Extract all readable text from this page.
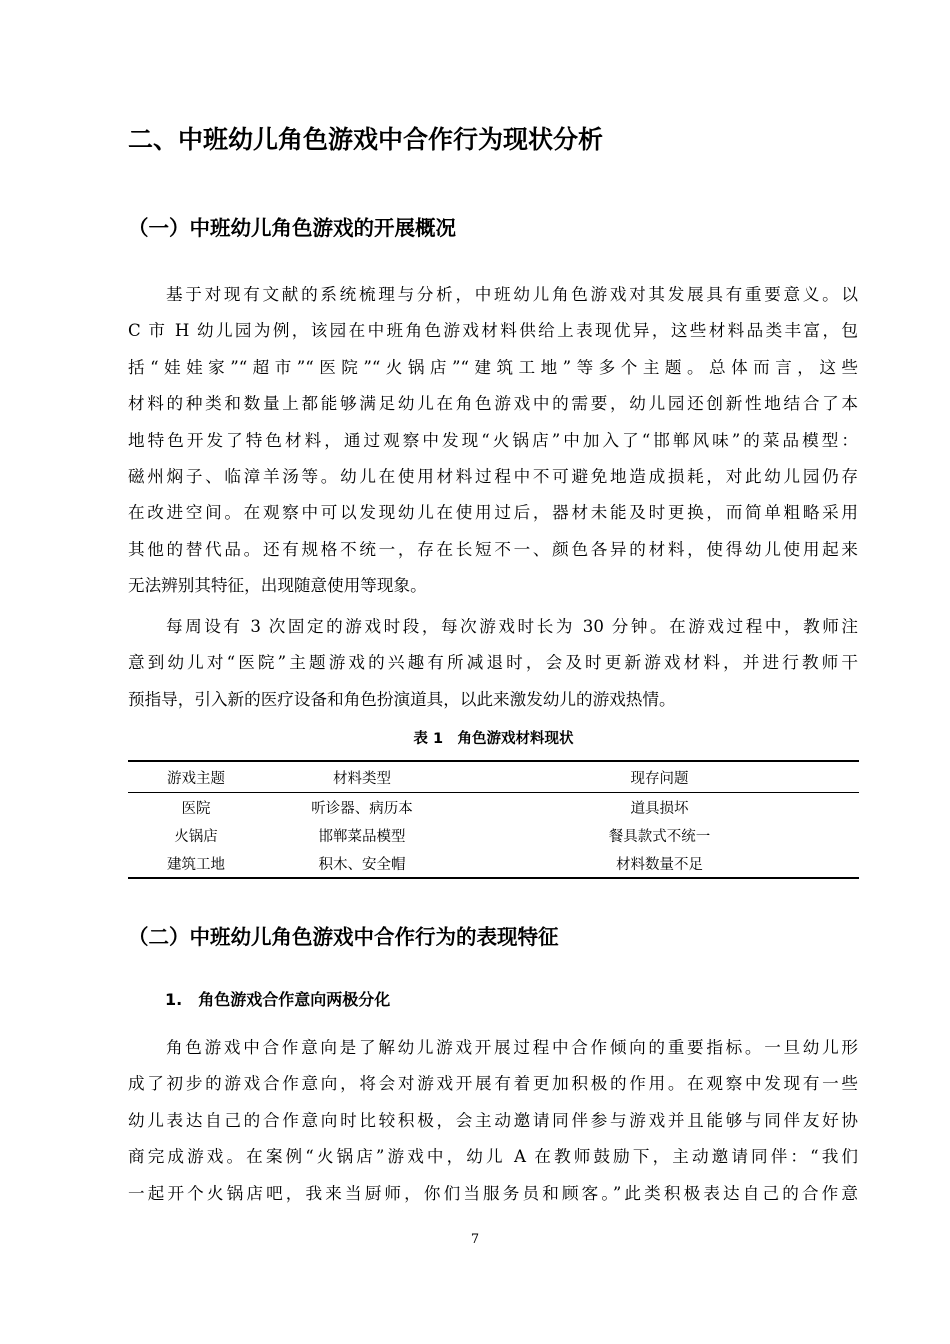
二、中班幼儿角色游戏中合作行为现状分析
（一）中班幼儿角色游戏的开展概况
基于对现有文献的系统梳理与分析，中班幼儿角色游戏对其发展具有重要意义。以
C 市 H 幼儿园为例，该园在中班角色游戏材料供给上表现优异，这些材料品类丰富，包
括“娃娃家”“超市”“医院”“火锅店”“建筑工地”等多个主题。总体而言，这些
材料的种类和数量上都能够满足幼儿在角色游戏中的需要，幼儿园还创新性地结合了本
地特色开发了特色材料，通过观察中发现“火锅店”中加入了“邯郸风味”的菜品模型：
磁州焖子、临漳羊汤等。幼儿在使用材料过程中不可避免地造成损耗，对此幼儿园仍存
在改进空间。在观察中可以发现幼儿在使用过后，器材未能及时更换，而简单粗略采用
其他的替代品。还有规格不统一，存在长短不一、颜色各异的材料，使得幼儿使用起来
无法辨别其特征，出现随意使用等现象。
每周设有 3 次固定的游戏时段，每次游戏时长为 30 分钟。在游戏过程中，教师注
意到幼儿对“医院”主题游戏的兴趣有所减退时，会及时更新游戏材料，并进行教师干
预指导，引入新的医疗设备和角色扮演道具，以此来激发幼儿的游戏热情。
表 1　角色游戏材料现状
游戏主题	材料类型	现存问题
医院	听诊器、病历本	道具损坏
火锅店	邯郸菜品模型	餐具款式不统一
建筑工地	积木、安全帽	材料数量不足
（二）中班幼儿角色游戏中合作行为的表现特征
1.　角色游戏合作意向两极分化
角色游戏中合作意向是了解幼儿游戏开展过程中合作倾向的重要指标。一旦幼儿形
成了初步的游戏合作意向，将会对游戏开展有着更加积极的作用。在观察中发现有一些
幼儿表达自己的合作意向时比较积极，会主动邀请同伴参与游戏并且能够与同伴友好协
商完成游戏。在案例“火锅店”游戏中，幼儿 A 在教师鼓励下，主动邀请同伴：“我们
一起开个火锅店吧，我来当厨师，你们当服务员和顾客。”此类积极表达自己的合作意
7
